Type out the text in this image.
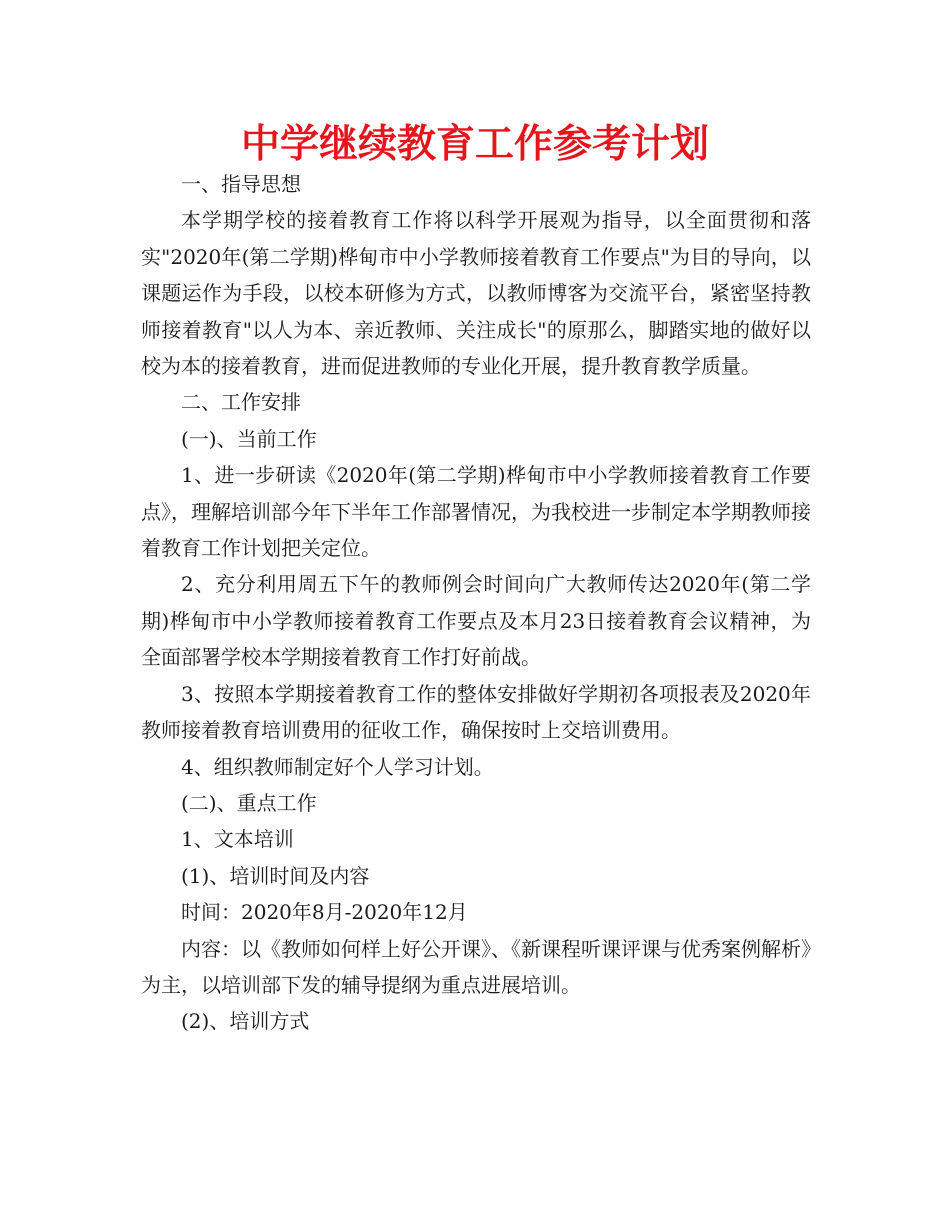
中学继续教育工作参考计划

一、指导思想

本学期学校的接着教育工作将以科学开展观为指导，以全面贯彻和落实"2020年(第二学期)桦甸市中小学教师接着教育工作要点"为目的导向，以课题运作为手段，以校本研修为方式，以教师博客为交流平台，紧密坚持教师接着教育"以人为本、亲近教师、关注成长"的原那么，脚踏实地的做好以校为本的接着教育，进而促进教师的专业化开展，提升教育教学质量。

二、工作安排

(一)、当前工作

1、进一步研读《2020年(第二学期)桦甸市中小学教师接着教育工作要点》，理解培训部今年下半年工作部署情况，为我校进一步制定本学期教师接着教育工作计划把关定位。

2、充分利用周五下午的教师例会时间向广大教师传达2020年(第二学期)桦甸市中小学教师接着教育工作要点及本月23日接着教育会议精神，为全面部署学校本学期接着教育工作打好前战。

3、按照本学期接着教育工作的整体安排做好学期初各项报表及2020年教师接着教育培训费用的征收工作，确保按时上交培训费用。

4、组织教师制定好个人学习计划。

(二)、重点工作

1、文本培训

(1)、培训时间及内容

时间：2020年8月-2020年12月

内容：以《教师如何样上好公开课》、《新课程听课评课与优秀案例解析》为主，以培训部下发的辅导提纲为重点进展培训。

(2)、培训方式
